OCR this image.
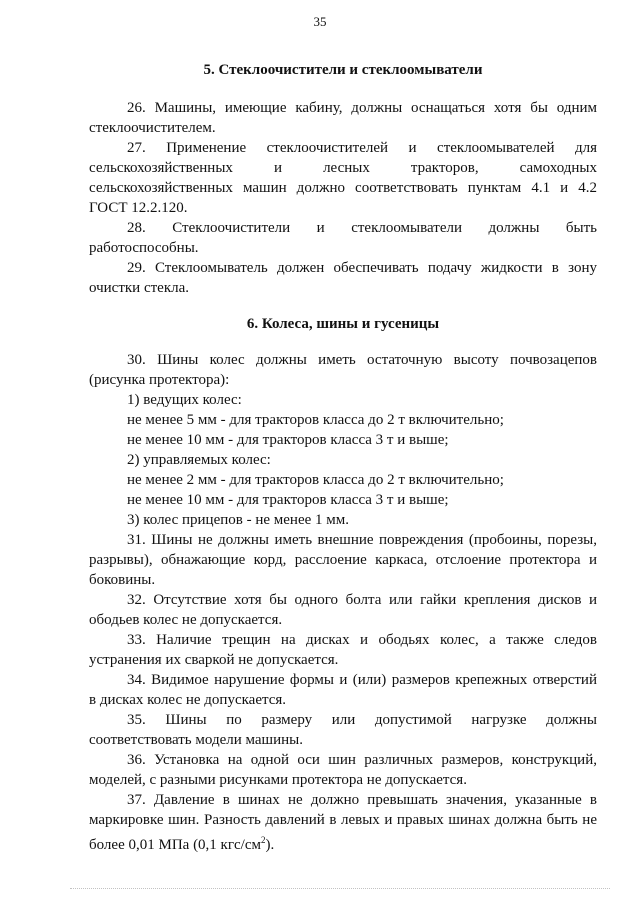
35
5. Стеклоочистители и стеклоомыватели
26. Машины, имеющие кабину, должны оснащаться хотя бы одним
стеклоочистителем.
27. Применение стеклоочистителей и стеклоомывателей для
сельскохозяйственных и лесных тракторов, самоходных
сельскохозяйственных машин должно соответствовать пунктам 4.1 и 4.2
ГОСТ 12.2.120.
28. Стеклоочистители и стеклоомыватели должны быть
работоспособны.
29. Стеклоомыватель должен обеспечивать подачу жидкости в зону
очистки стекла.
6. Колеса, шины и гусеницы
30. Шины колес должны иметь остаточную высоту почвозацепов
(рисунка протектора):
1) ведущих колес:
не менее 5 мм - для тракторов класса до 2 т включительно;
не менее 10 мм - для тракторов класса 3 т и выше;
2) управляемых колес:
не менее 2 мм - для тракторов класса до 2 т включительно;
не менее 10 мм - для тракторов класса 3 т и выше;
3) колес прицепов - не менее 1 мм.
31. Шины не должны иметь внешние повреждения (пробоины, порезы,
разрывы), обнажающие корд, расслоение каркаса, отслоение протектора и
боковины.
32. Отсутствие хотя бы одного болта или гайки крепления дисков и
ободьев колес не допускается.
33. Наличие трещин на дисках и ободьях колес, а также следов
устранения их сваркой не допускается.
34. Видимое нарушение формы и (или) размеров крепежных отверстий
в дисках колес не допускается.
35. Шины по размеру или допустимой нагрузке должны
соответствовать модели машины.
36. Установка на одной оси шин различных размеров, конструкций,
моделей, с разными рисунками протектора не допускается.
37. Давление в шинах не должно превышать значения, указанные в
маркировке шин. Разность давлений в левых и правых шинах должна быть не
более 0,01 МПа (0,1 кгс/$см^2$).
